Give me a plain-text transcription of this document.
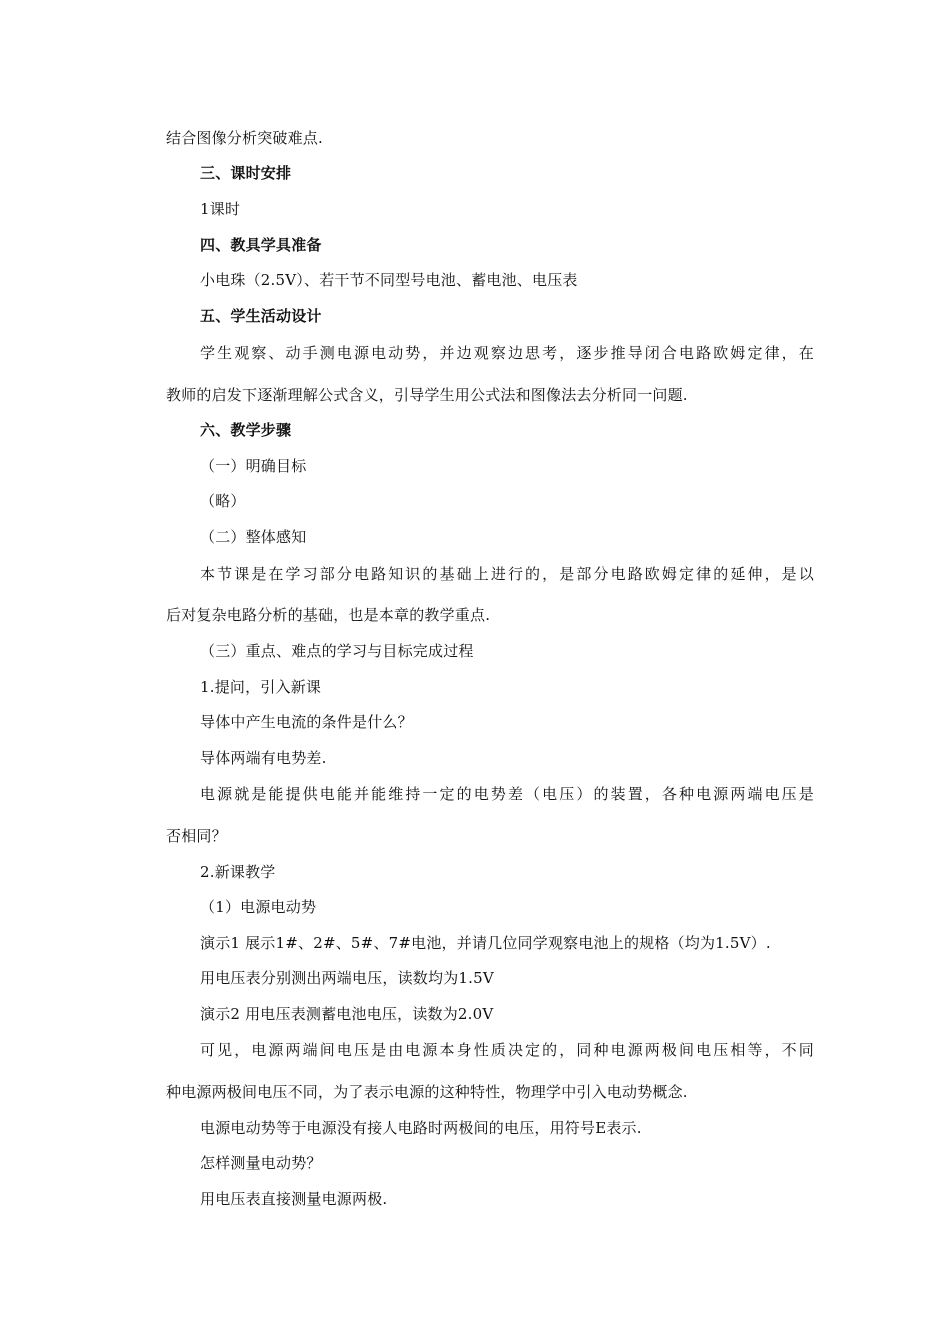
结合图像分析突破难点.
三、课时安排
1课时
四、教具学具准备
小电珠（2.5V）、若干节不同型号电池、蓄电池、电压表
五、学生活动设计
学生观察、动手测电源电动势，并边观察边思考，逐步推导闭合电路欧姆定律，在
教师的启发下逐渐理解公式含义，引导学生用公式法和图像法去分析同一问题.
六、教学步骤
（一）明确目标
（略）
（二）整体感知
本节课是在学习部分电路知识的基础上进行的，是部分电路欧姆定律的延伸，是以
后对复杂电路分析的基础，也是本章的教学重点.
（三）重点、难点的学习与目标完成过程
1.提问，引入新课
导体中产生电流的条件是什么？
导体两端有电势差.
电源就是能提供电能并能维持一定的电势差（电压）的装置，各种电源两端电压是
否相同？
2.新课教学
（1）电源电动势
演示1 展示1#、2#、5#、7#电池，并请几位同学观察电池上的规格（均为1.5V）.
用电压表分别测出两端电压，读数均为1.5V
演示2 用电压表测蓄电池电压，读数为2.0V
可见，电源两端间电压是由电源本身性质决定的，同种电源两极间电压相等，不同
种电源两极间电压不同，为了表示电源的这种特性，物理学中引入电动势概念.
电源电动势等于电源没有接人电路时两极间的电压，用符号E表示.
怎样测量电动势？
用电压表直接测量电源两极.
